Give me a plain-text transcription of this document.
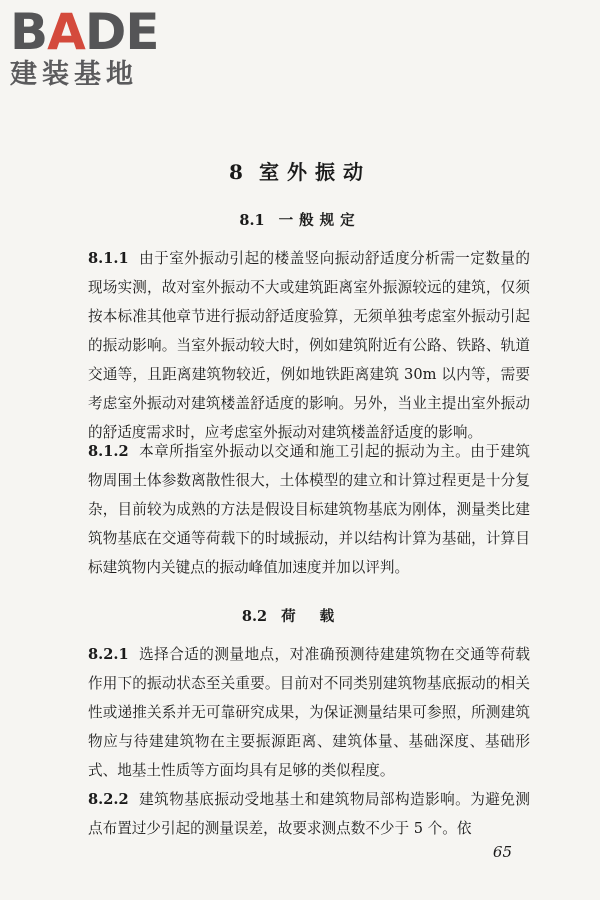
BADE
建装基地
8 室外振动
8.1 一般规定
8.1.1 由于室外振动引起的楼盖竖向振动舒适度分析需一定数量的现场实测，故对室外振动不大或建筑距离室外振源较远的建筑，仅须按本标准其他章节进行振动舒适度验算，无须单独考虑室外振动引起的振动影响。当室外振动较大时，例如建筑附近有公路、铁路、轨道交通等，且距离建筑物较近，例如地铁距离建筑 30m 以内等，需要考虑室外振动对建筑楼盖舒适度的影响。另外，当业主提出室外振动的舒适度需求时，应考虑室外振动对建筑楼盖舒适度的影响。
8.1.2 本章所指室外振动以交通和施工引起的振动为主。由于建筑物周围土体参数离散性很大，土体模型的建立和计算过程更是十分复杂，目前较为成熟的方法是假设目标建筑物基底为刚体，测量类比建筑物基底在交通等荷载下的时域振动，并以结构计算为基础，计算目标建筑物内关键点的振动峰值加速度并加以评判。
8.2 荷载
8.2.1 选择合适的测量地点，对准确预测待建建筑物在交通等荷载作用下的振动状态至关重要。目前对不同类别建筑物基底振动的相关性或递推关系并无可靠研究成果，为保证测量结果可参照，所测建筑物应与待建建筑物在主要振源距离、建筑体量、基础深度、基础形式、地基土性质等方面均具有足够的类似程度。
8.2.2 建筑物基底振动受地基土和建筑物局部构造影响。为避免测点布置过少引起的测量误差，故要求测点数不少于 5 个。依
65
